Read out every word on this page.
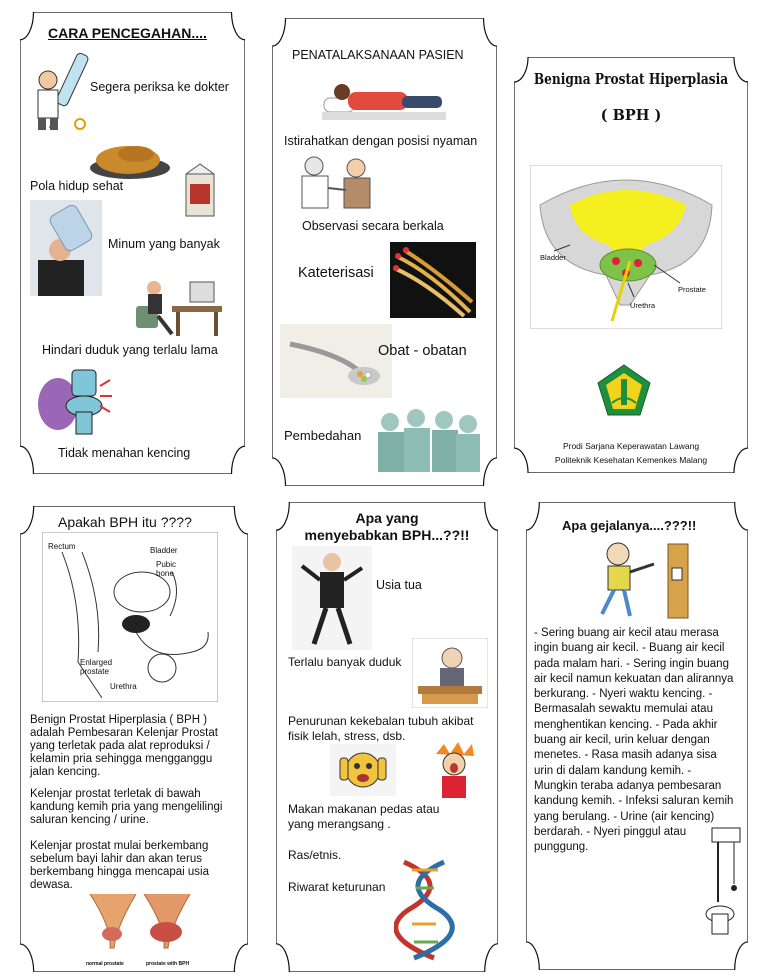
CARA PENCEGAHAN....
Segera periksa ke dokter
Pola hidup sehat
Minum yang banyak
Hindari duduk yang terlalu lama
Tidak menahan kencing
PENATALAKSANAAN PASIEN
Istirahatkan dengan posisi nyaman
Observasi secara berkala
Kateterisasi
Obat - obatan
Pembedahan
Benigna Prostat Hiperplasia
( BPH )
Bladder
Prostate
Urethra
Prodi Sarjana Keperawatan Lawang
Politeknik Kesehatan Kemenkes Malang
Apakah BPH itu ????
Rectum	Bladder
Pubic bone
Enlarged prostate
Urethra
Benign Prostat Hiperplasia ( BPH ) adalah Pembesaran Kelenjar Prostat yang terletak pada alat reproduksi / kelamin pria sehingga mengganggu jalan kencing.
Kelenjar prostat terletak di bawah kandung kemih pria yang mengelilingi saluran kencing / urine.
Kelenjar prostat mulai berkembang sebelum bayi lahir dan akan terus berkembang hingga mencapai usia dewasa.
normal prostate	prostate with BPH
Apa yang
menyebabkan BPH...??!!
Usia tua
Terlalu banyak duduk
Penurunan kekebalan tubuh akibat fisik lelah, stress, dsb.
Makan makanan pedas atau yang merangsang .
Ras/etnis.
Riwarat keturunan
Apa gejalanya....???!!
- Sering buang air kecil atau merasa ingin buang air kecil. - Buang air kecil pada malam hari. - Sering ingin buang air kecil namun kekuatan dan alirannya berkurang. - Nyeri waktu kencing. - Bermasalah sewaktu memulai atau menghentikan kencing. - Pada akhir buang air kecil, urin keluar dengan menetes. - Rasa masih adanya sisa urin di dalam kandung kemih. - Mungkin teraba adanya pembesaran kandung kemih. - Infeksi saluran kemih yang berulang. - Urine (air kencing) berdarah. - Nyeri pinggul atau punggung.
